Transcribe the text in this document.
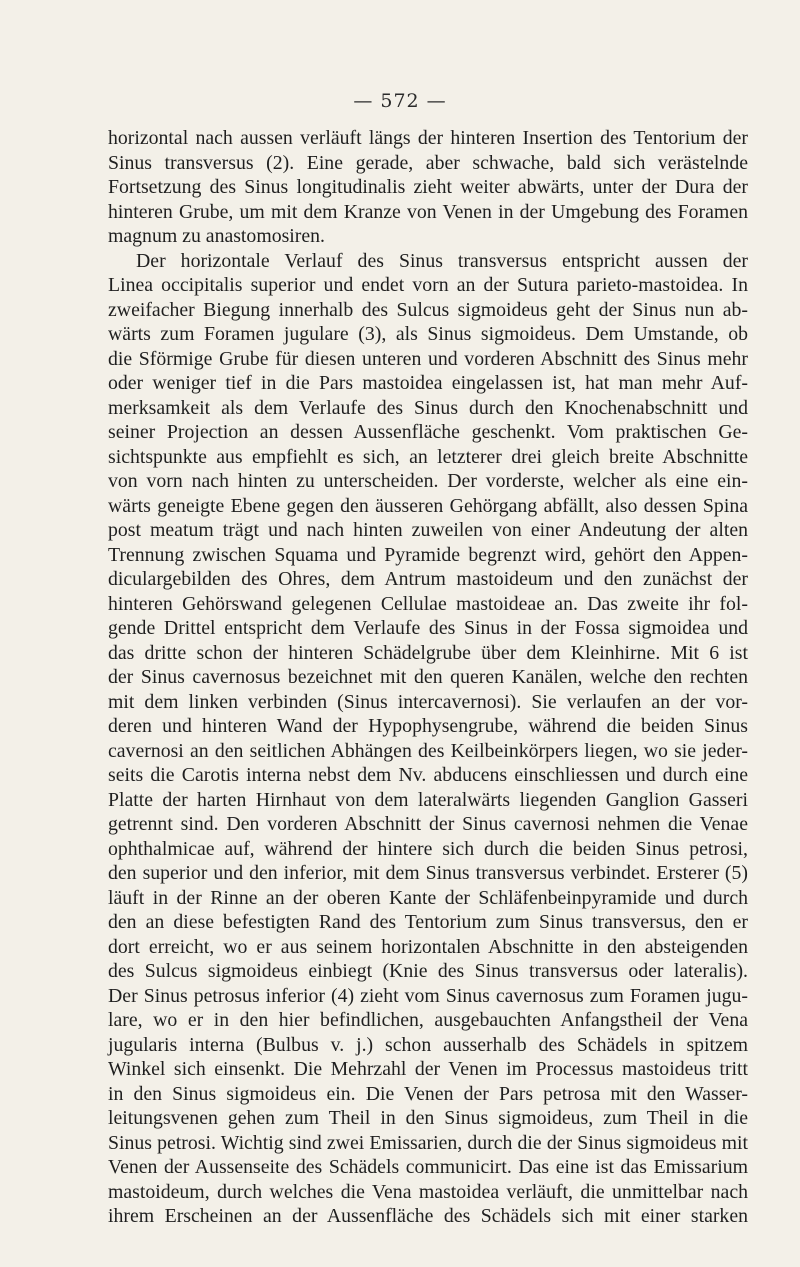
— 572 —
horizontal nach aussen verläuft längs der hinteren Insertion des Tentorium der
Sinus transversus (2). Eine gerade, aber schwache, bald sich verästelnde
Fortsetzung des Sinus longitudinalis zieht weiter abwärts, unter der Dura der
hinteren Grube, um mit dem Kranze von Venen in der Umgebung des Foramen
magnum zu anastomosiren.
Der horizontale Verlauf des Sinus transversus entspricht aussen der
Linea occipitalis superior und endet vorn an der Sutura parieto-mastoidea. In
zweifacher Biegung innerhalb des Sulcus sigmoideus geht der Sinus nun ab-
wärts zum Foramen jugulare (3), als Sinus sigmoideus. Dem Umstande, ob
die Sförmige Grube für diesen unteren und vorderen Abschnitt des Sinus mehr
oder weniger tief in die Pars mastoidea eingelassen ist, hat man mehr Auf-
merksamkeit als dem Verlaufe des Sinus durch den Knochenabschnitt und
seiner Projection an dessen Aussenfläche geschenkt. Vom praktischen Ge-
sichtspunkte aus empfiehlt es sich, an letzterer drei gleich breite Abschnitte
von vorn nach hinten zu unterscheiden. Der vorderste, welcher als eine ein-
wärts geneigte Ebene gegen den äusseren Gehörgang abfällt, also dessen Spina
post meatum trägt und nach hinten zuweilen von einer Andeutung der alten
Trennung zwischen Squama und Pyramide begrenzt wird, gehört den Appen-
diculargebilden des Ohres, dem Antrum mastoideum und den zunächst der
hinteren Gehörswand gelegenen Cellulae mastoideae an. Das zweite ihr fol-
gende Drittel entspricht dem Verlaufe des Sinus in der Fossa sigmoidea und
das dritte schon der hinteren Schädelgrube über dem Kleinhirne. Mit 6 ist
der Sinus cavernosus bezeichnet mit den queren Kanälen, welche den rechten
mit dem linken verbinden (Sinus intercavernosi). Sie verlaufen an der vor-
deren und hinteren Wand der Hypophysengrube, während die beiden Sinus
cavernosi an den seitlichen Abhängen des Keilbeinkörpers liegen, wo sie jeder-
seits die Carotis interna nebst dem Nv. abducens einschliessen und durch eine
Platte der harten Hirnhaut von dem lateralwärts liegenden Ganglion Gasseri
getrennt sind. Den vorderen Abschnitt der Sinus cavernosi nehmen die Venae
ophthalmicae auf, während der hintere sich durch die beiden Sinus petrosi,
den superior und den inferior, mit dem Sinus transversus verbindet. Ersterer (5)
läuft in der Rinne an der oberen Kante der Schläfenbeinpyramide und durch
den an diese befestigten Rand des Tentorium zum Sinus transversus, den er
dort erreicht, wo er aus seinem horizontalen Abschnitte in den absteigenden
des Sulcus sigmoideus einbiegt (Knie des Sinus transversus oder lateralis).
Der Sinus petrosus inferior (4) zieht vom Sinus cavernosus zum Foramen jugu-
lare, wo er in den hier befindlichen, ausgebauchten Anfangstheil der Vena
jugularis interna (Bulbus v. j.) schon ausserhalb des Schädels in spitzem
Winkel sich einsenkt. Die Mehrzahl der Venen im Processus mastoideus tritt
in den Sinus sigmoideus ein. Die Venen der Pars petrosa mit den Wasser-
leitungsvenen gehen zum Theil in den Sinus sigmoideus, zum Theil in die
Sinus petrosi. Wichtig sind zwei Emissarien, durch die der Sinus sigmoideus mit
Venen der Aussenseite des Schädels communicirt. Das eine ist das Emissarium
mastoideum, durch welches die Vena mastoidea verläuft, die unmittelbar nach
ihrem Erscheinen an der Aussenfläche des Schädels sich mit einer starken
